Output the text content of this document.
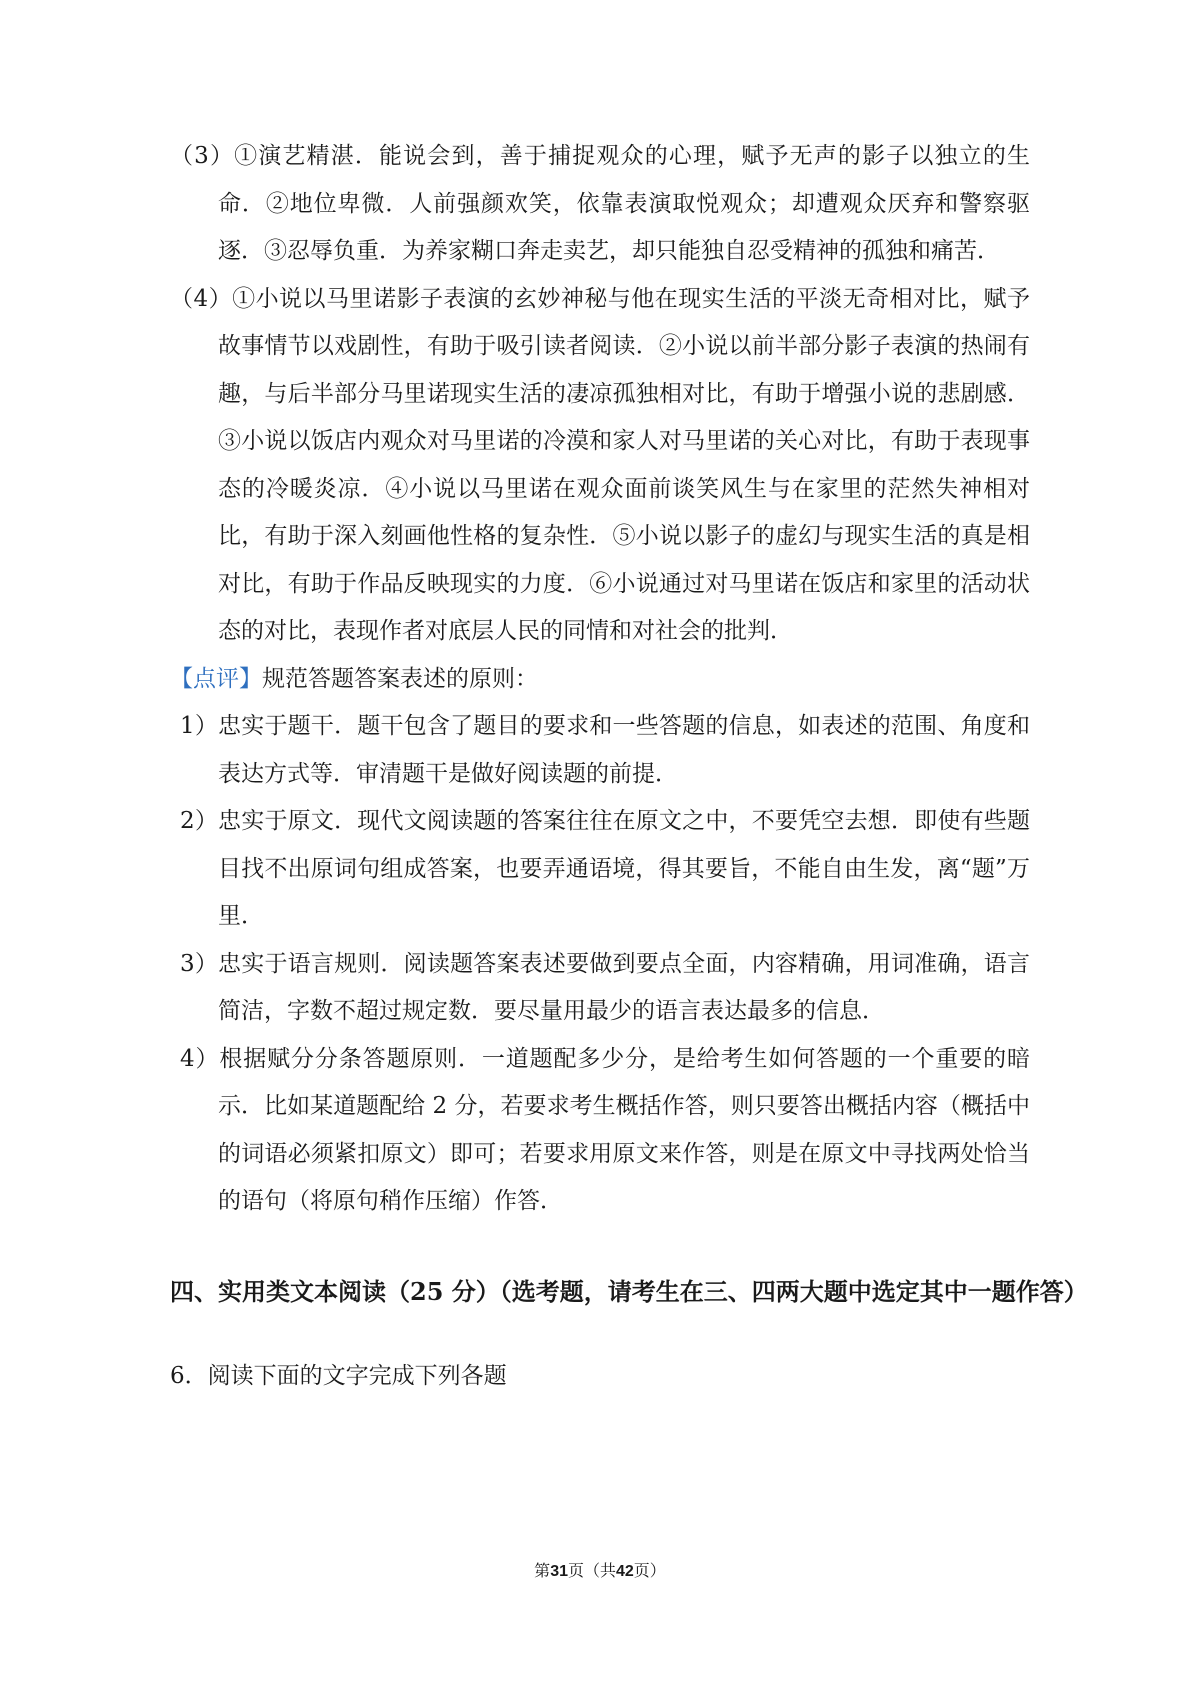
（3）①演艺精湛．能说会到，善于捕捉观众的心理，赋予无声的影子以独立的生命．②地位卑微．人前强颜欢笑，依靠表演取悦观众；却遭观众厌弃和警察驱逐．③忍辱负重．为养家糊口奔走卖艺，却只能独自忍受精神的孤独和痛苦．

（4）①小说以马里诺影子表演的玄妙神秘与他在现实生活的平淡无奇相对比，赋予故事情节以戏剧性，有助于吸引读者阅读．②小说以前半部分影子表演的热闹有趣，与后半部分马里诺现实生活的凄凉孤独相对比，有助于增强小说的悲剧感．③小说以饭店内观众对马里诺的冷漠和家人对马里诺的关心对比，有助于表现事态的冷暖炎凉．④小说以马里诺在观众面前谈笑风生与在家里的茫然失神相对比，有助于深入刻画他性格的复杂性．⑤小说以影子的虚幻与现实生活的真是相对比，有助于作品反映现实的力度．⑥小说通过对马里诺在饭店和家里的活动状态的对比，表现作者对底层人民的同情和对社会的批判．

【点评】规范答题答案表述的原则：

1）忠实于题干．题干包含了题目的要求和一些答题的信息，如表述的范围、角度和表达方式等．审清题干是做好阅读题的前提．

2）忠实于原文．现代文阅读题的答案往往在原文之中，不要凭空去想．即使有些题目找不出原词句组成答案，也要弄通语境，得其要旨，不能自由生发，离“题”万里．

3）忠实于语言规则．阅读题答案表述要做到要点全面，内容精确，用词准确，语言简洁，字数不超过规定数．要尽量用最少的语言表达最多的信息．

4）根据赋分分条答题原则．一道题配多少分，是给考生如何答题的一个重要的暗示．比如某道题配给 2 分，若要求考生概括作答，则只要答出概括内容（概括中的词语必须紧扣原文）即可；若要求用原文来作答，则是在原文中寻找两处恰当的语句（将原句稍作压缩）作答．

四、实用类文本阅读（25 分）（选考题，请考生在三、四两大题中选定其中一题作答）

6．阅读下面的文字完成下列各题

第31页（共42页）
